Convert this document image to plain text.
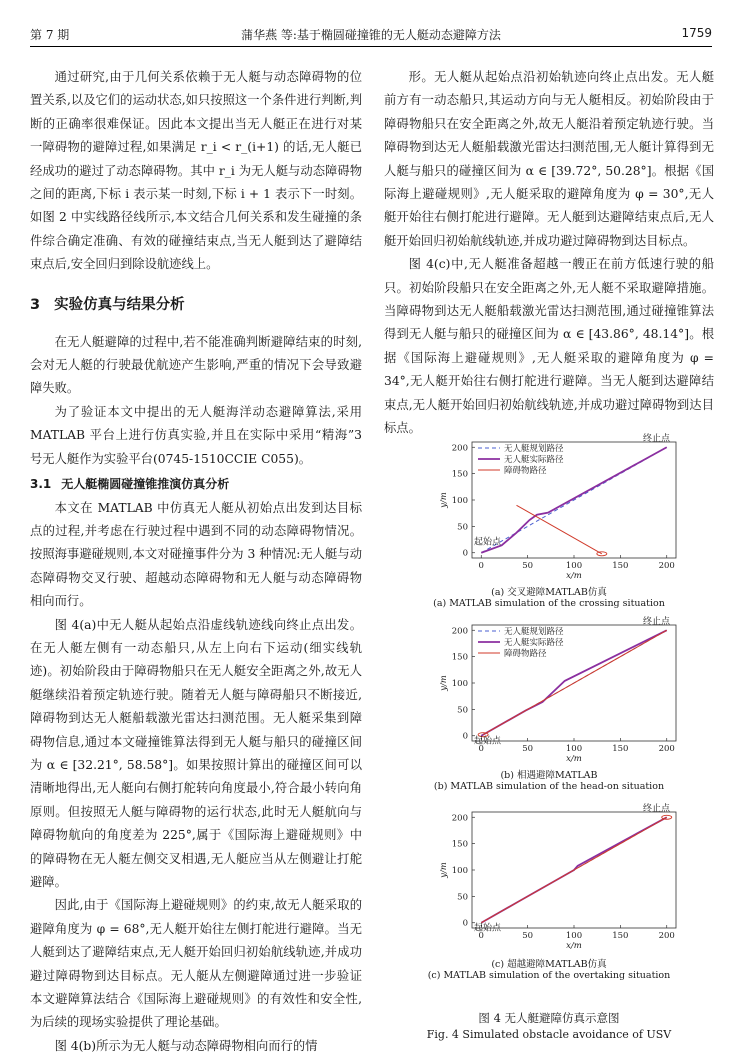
第 7 期	蒲华燕 等:基于椭圆碰撞锥的无人艇动态避障方法	1759

通过研究,由于几何关系依赖于无人艇与动态障碍物的位置关系,以及它们的运动状态,如只按照这一个条件进行判断,判断的正确率很难保证。因此本文提出当无人艇正在进行对某一障碍物的避障过程,如果满足 r_i < r_(i+1) 的话,无人艇已经成功的避过了动态障碍物。其中 r_i 为无人艇与动态障碍物之间的距离,下标 i 表示某一时刻,下标 i + 1 表示下一时刻。如图 2 中实线路径线所示,本文结合几何关系和发生碰撞的条件综合确定准确、有效的碰撞结束点,当无人艇到达了避障结束点后,安全回归到除设航迹线上。

3 实验仿真与结果分析

在无人艇避障的过程中,若不能准确判断避障结束的时刻,会对无人艇的行驶最优航迹产生影响,严重的情况下会导致避障失败。

为了验证本文中提出的无人艇海洋动态避障算法,采用 MATLAB 平台上进行仿真实验,并且在实际中采用“精海”3 号无人艇作为实验平台(0745-1510CCIE C055)。

3.1 无人艇椭圆碰撞锥推演仿真分析

本文在 MATLAB 中仿真无人艇从初始点出发到达目标点的过程,并考虑在行驶过程中遇到不同的动态障碍物情况。按照海事避碰规则,本文对碰撞事件分为 3 种情况:无人艇与动态障碍物交叉行驶、超越动态障碍物和无人艇与动态障碍物相向而行。

图 4(a)中无人艇从起始点沿虚线轨迹线向终止点出发。在无人艇左侧有一动态船只,从左上向右下运动(细实线轨迹)。初始阶段由于障碍物船只在无人艇安全距离之外,故无人艇继续沿着预定轨迹行驶。随着无人艇与障碍船只不断接近,障碍物到达无人艇船载激光雷达扫测范围。无人艇采集到障碍物信息,通过本文碰撞锥算法得到无人艇与船只的碰撞区间为 α ∈ [32.21°, 58.58°]。如果按照计算出的碰撞区间可以清晰地得出,无人艇向右侧打舵转向角度最小,符合最小转向角原则。但按照无人艇与障碍物的运行状态,此时无人艇航向与障碍物航向的角度差为 225°,属于《国际海上避碰规则》中的障碍物在无人艇左侧交叉相遇,无人艇应当从左侧避让打舵避障。

因此,由于《国际海上避碰规则》的约束,故无人艇采取的避障角度为 φ = 68°,无人艇开始往左侧打舵进行避障。当无人艇到达了避障结束点,无人艇开始回归初始航线轨迹,并成功避过障碍物到达目标点。无人艇从左侧避障通过进一步验证本文避障算法结合《国际海上避碰规则》的有效性和安全性,为后续的现场实验提供了理论基础。

图 4(b)所示为无人艇与动态障碍物相向而行的情

形。无人艇从起始点沿初始轨迹向终止点出发。无人艇前方有一动态船只,其运动方向与无人艇相反。初始阶段由于障碍物船只在安全距离之外,故无人艇沿着预定轨迹行驶。当障碍物到达无人艇船载激光雷达扫测范围,无人艇计算得到无人艇与船只的碰撞区间为 α ∈ [39.72°, 50.28°]。根据《国际海上避碰规则》,无人艇采取的避障角度为 φ = 30°,无人艇开始往右侧打舵进行避障。无人艇到达避障结束点后,无人艇开始回归初始航线轨迹,并成功避过障碍物到达目标点。

图 4(c)中,无人艇准备超越一艘正在前方低速行驶的船只。初始阶段船只在安全距离之外,无人艇不采取避障措施。当障碍物到达无人艇船载激光雷达扫测范围,通过碰撞锥算法得到无人艇与船只的碰撞区间为 α ∈ [43.86°, 48.14°]。根据《国际海上避碰规则》,无人艇采取的避障角度为 φ = 34°,无人艇开始往右侧打舵进行避障。当无人艇到达避障结束点,无人艇开始回归初始航线轨迹,并成功避过障碍物到达目标点。

0	50	100	150	200
0
50
100
150
200
x/m
y/m
起始点
终止点
无人艇规划路径
无人艇实际路径
障碍物路径
(a) 交叉避障MATLAB仿真
(a) MATLAB simulation of the crossing situation
0	50	100	150	200
0
50
100
150
200
x/m
y/m
起始点
终止点
无人艇规划路径
无人艇实际路径
障碍物路径
(b) 相遇避障MATLAB
(b) MATLAB simulation of the head-on situation
0	50	100	150	200
0
50
100
150
200
x/m
y/m
起始点
终止点
(c) 超越避障MATLAB仿真
(c) MATLAB simulation of the overtaking situation
图 4 无人艇避障仿真示意图
Fig. 4 Simulated obstacle avoidance of USV
